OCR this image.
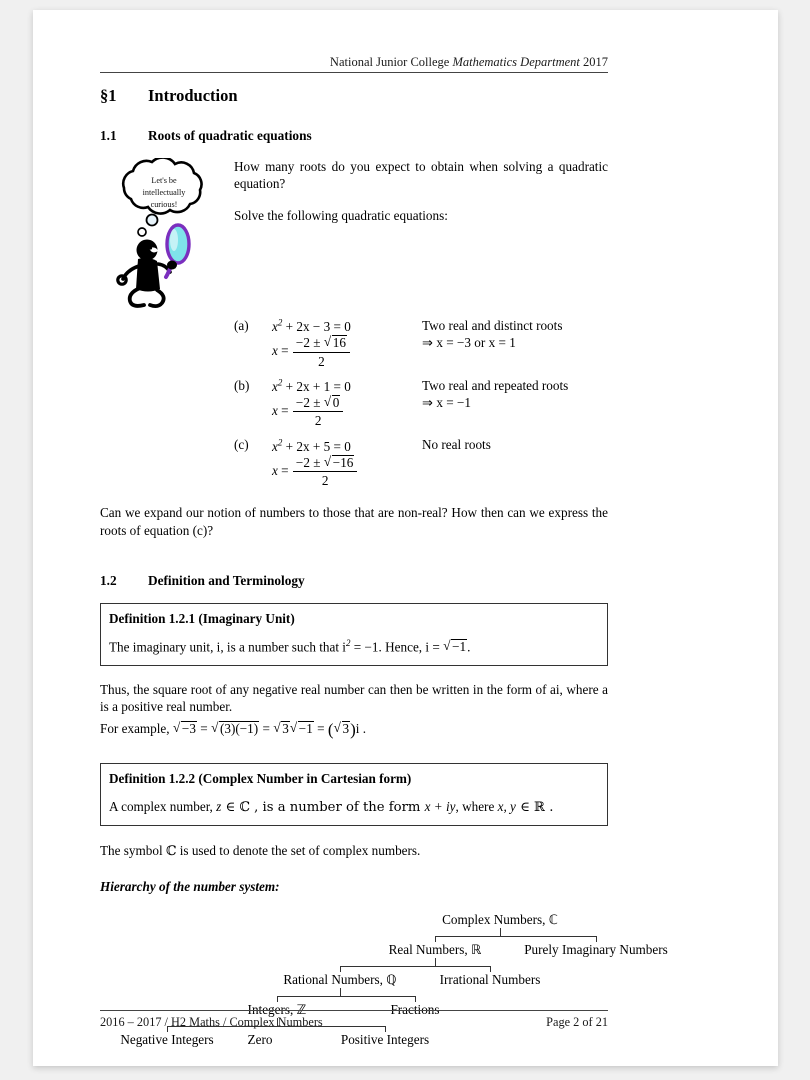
National Junior College Mathematics Department 2017
§1	Introduction
1.1	Roots of quadratic equations
Let's be
intellectually
curious!
How many roots do you expect to obtain when solving a quadratic equation?
Solve the following quadratic equations:
(a)	$x^2 + 2x - 3 = 0$	Two real and distinct roots
	$x = \frac{-2 \pm √ 16}{2}$	⇒ x = −3 or x = 1

(b)	$x^2 + 2x + 1 = 0$	Two real and repeated roots
	$x = \frac{-2 \pm √ 0}{2}$	⇒ x = −1

(c)	$x^2 + 2x + 5 = 0$	No real roots
	$x = \frac{-2 \pm √ -16}{2}$

Can we expand our notion of numbers to those that are non-real? How then can we express the roots of equation (c)?

1.2	Definition and Terminology
Definition 1.2.1 (Imaginary Unit)
The imaginary unit, i, is a number such that $i^2 = -1$. Hence, i = √ −1.

Thus, the square root of any negative real number can then be written in the form of ai, where a is a positive real number.

For example, √ −3 = √ (3)(−1) = √ 3 √ −1 = ( √ 3)i .

Definition 1.2.2 (Complex Number in Cartesian form)
A complex number, z ∈ ℂ , is a number of the form x + iy, where x, y ∈ ℝ .

The symbol ℂ is used to denote the set of complex numbers.

Hierarchy of the number system:
Complex Numbers, ℂ
Real Numbers, ℝ	Purely Imaginary Numbers
Rational Numbers, ℚ	Irrational Numbers
Integers, ℤ	Fractions
Negative Integers	Zero	Positive Integers
2016 – 2017 / H2 Maths / Complex Numbers	Page 2 of 21
